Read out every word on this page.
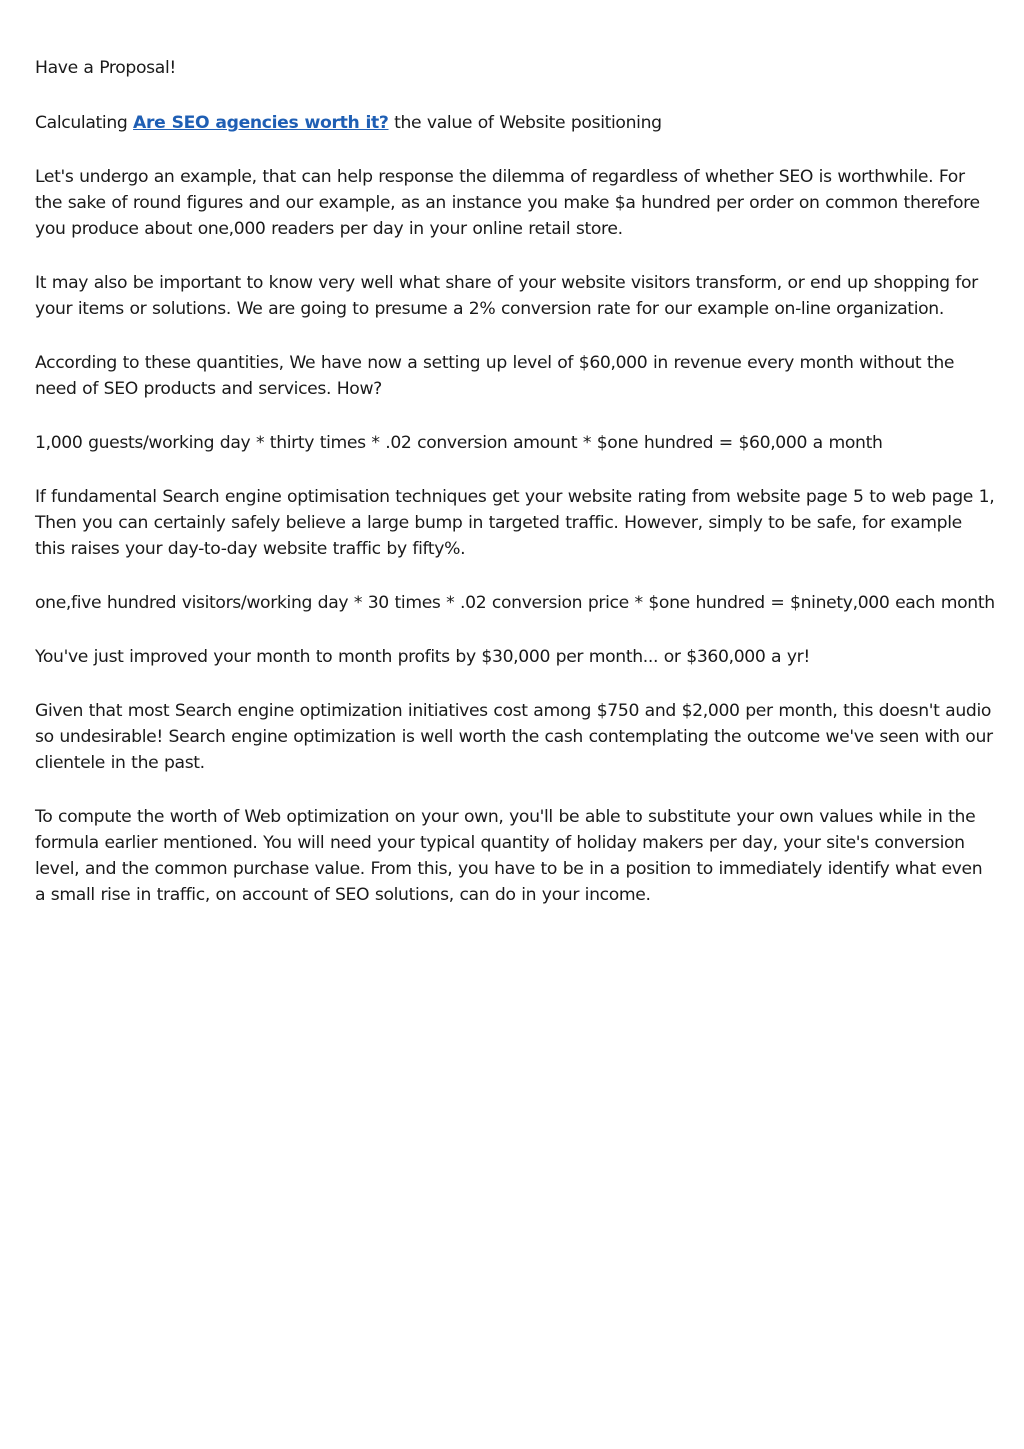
Have a Proposal!

Calculating Are SEO agencies worth it? the value of Website positioning

Let's undergo an example, that can help response the dilemma of regardless of whether SEO is worthwhile. For the sake of round figures and our example, as an instance you make $a hundred per order on common therefore you produce about one,000 readers per day in your online retail store.

It may also be important to know very well what share of your website visitors transform, or end up shopping for your items or solutions. We are going to presume a 2% conversion rate for our example on-line organization.

According to these quantities, We have now a setting up level of $60,000 in revenue every month without the need of SEO products and services. How?

1,000 guests/working day * thirty times * .02 conversion amount * $one hundred = $60,000 a month

If fundamental Search engine optimisation techniques get your website rating from website page 5 to web page 1, Then you can certainly safely believe a large bump in targeted traffic. However, simply to be safe, for example this raises your day-to-day website traffic by fifty%.

one,five hundred visitors/working day * 30 times * .02 conversion price * $one hundred = $ninety,000 each month

You've just improved your month to month profits by $30,000 per month... or $360,000 a yr!

Given that most Search engine optimization initiatives cost among $750 and $2,000 per month, this doesn't audio so undesirable! Search engine optimization is well worth the cash contemplating the outcome we've seen with our clientele in the past.

To compute the worth of Web optimization on your own, you'll be able to substitute your own values while in the formula earlier mentioned. You will need your typical quantity of holiday makers per day, your site's conversion level, and the common purchase value. From this, you have to be in a position to immediately identify what even a small rise in traffic, on account of SEO solutions, can do in your income.
